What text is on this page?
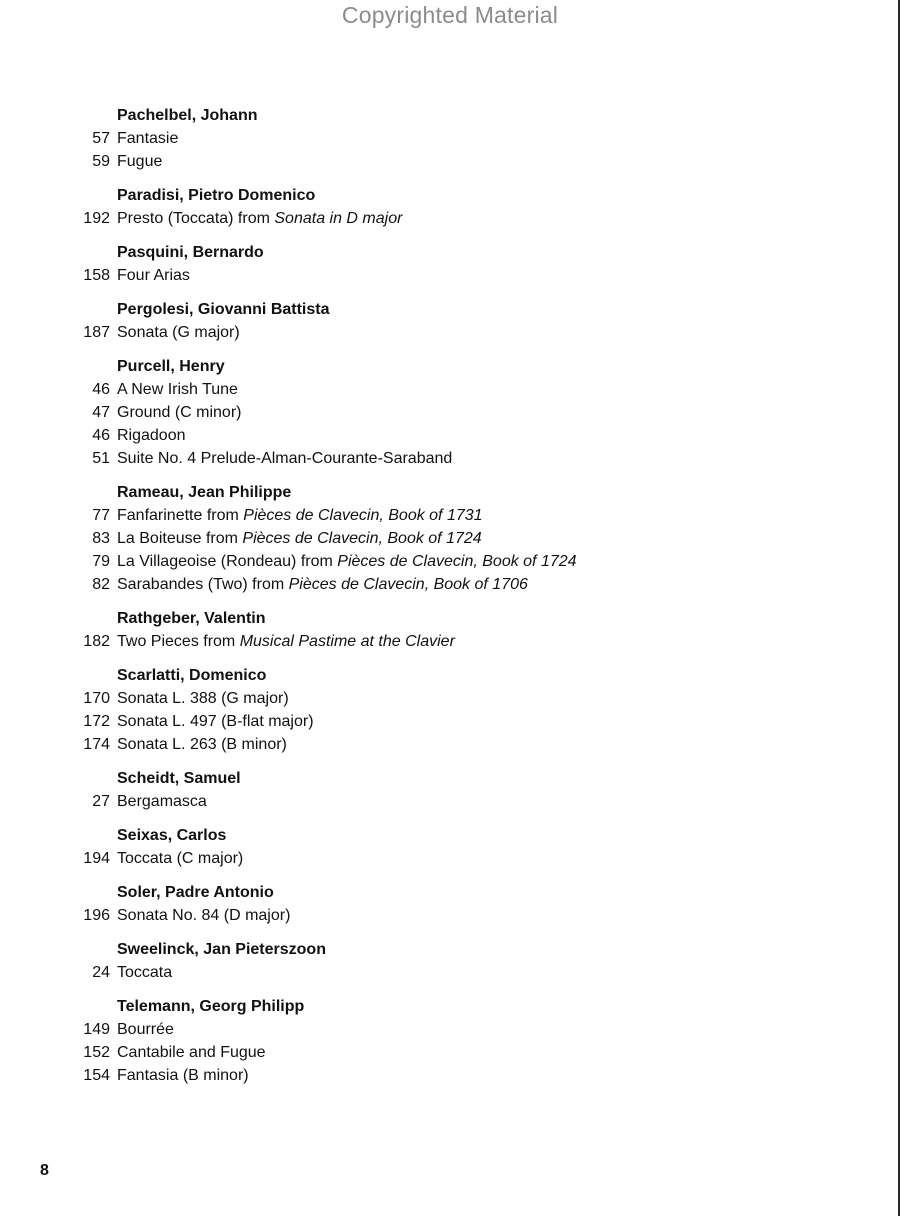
Copyrighted Material
Pachelbel, Johann
57 Fantasie
59 Fugue
Paradisi, Pietro Domenico
192 Presto (Toccata) from Sonata in D major
Pasquini, Bernardo
158 Four Arias
Pergolesi, Giovanni Battista
187 Sonata (G major)
Purcell, Henry
46 A New Irish Tune
47 Ground (C minor)
46 Rigadoon
51 Suite No. 4 Prelude-Alman-Courante-Saraband
Rameau, Jean Philippe
77 Fanfarinette from Pièces de Clavecin, Book of 1731
83 La Boiteuse from Pièces de Clavecin, Book of 1724
79 La Villageoise (Rondeau) from Pièces de Clavecin, Book of 1724
82 Sarabandes (Two) from Pièces de Clavecin, Book of 1706
Rathgeber, Valentin
182 Two Pieces from Musical Pastime at the Clavier
Scarlatti, Domenico
170 Sonata L. 388 (G major)
172 Sonata L. 497 (B-flat major)
174 Sonata L. 263 (B minor)
Scheidt, Samuel
27 Bergamasca
Seixas, Carlos
194 Toccata (C major)
Soler, Padre Antonio
196 Sonata No. 84 (D major)
Sweelinck, Jan Pieterszoon
24 Toccata
Telemann, Georg Philipp
149 Bourrée
152 Cantabile and Fugue
154 Fantasia (B minor)
8
